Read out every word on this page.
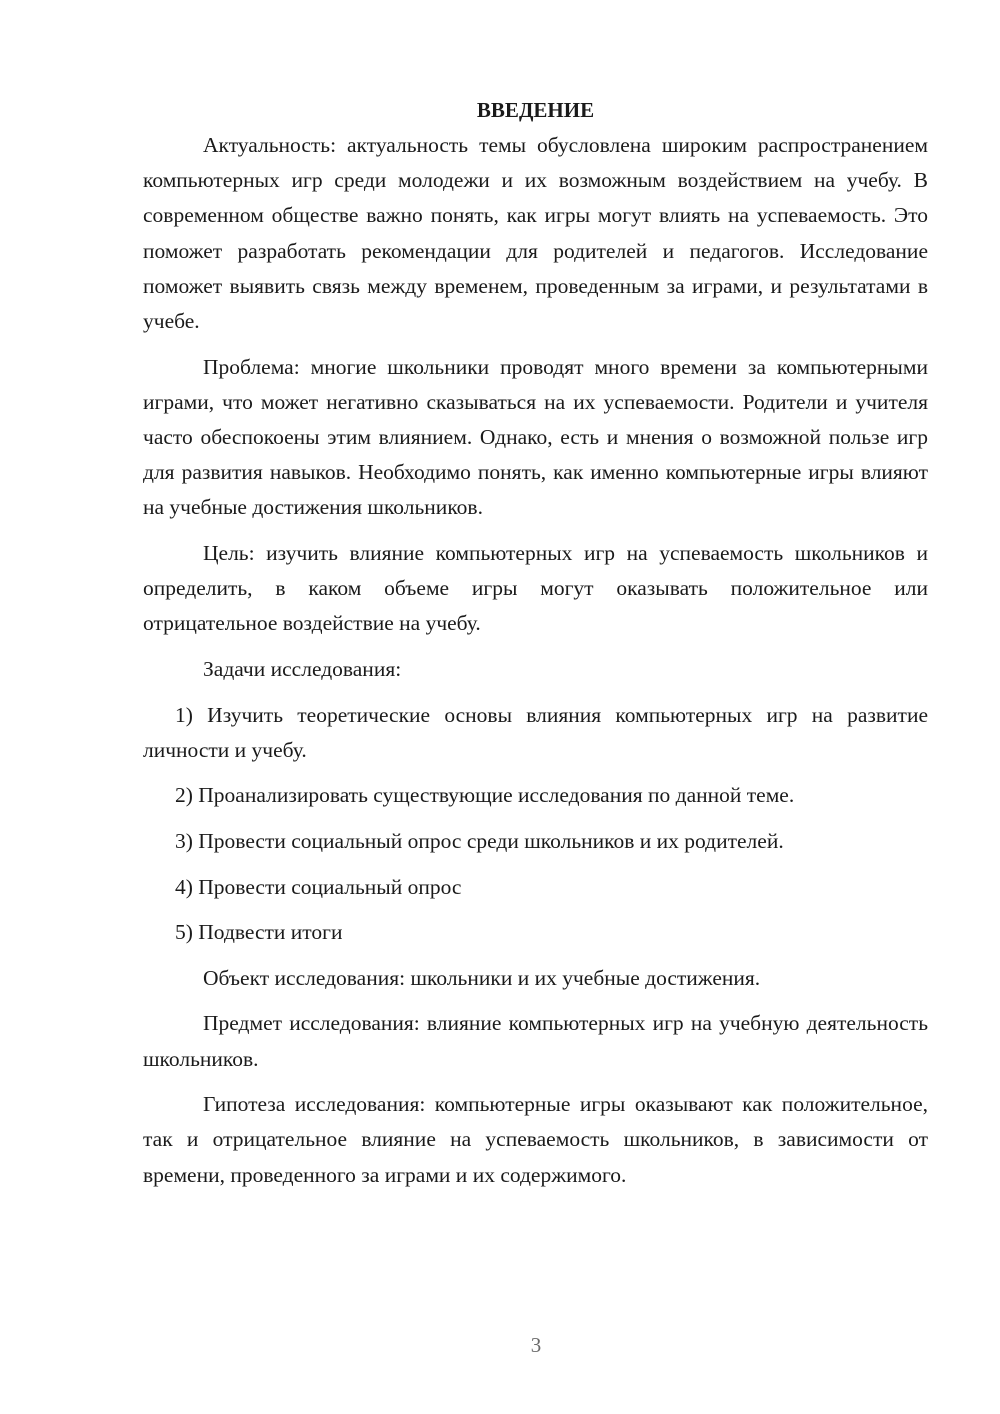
ВВЕДЕНИЕ

Актуальность: актуальность темы обусловлена широким распространением компьютерных игр среди молодежи и их возможным воздействием на учебу. В современном обществе важно понять, как игры могут влиять на успеваемость. Это поможет разработать рекомендации для родителей и педагогов. Исследование поможет выявить связь между временем, проведенным за играми, и результатами в учебе.

Проблема: многие школьники проводят много времени за компьютерными играми, что может негативно сказываться на их успеваемости. Родители и учителя часто обеспокоены этим влиянием. Однако, есть и мнения о возможной пользе игр для развития навыков. Необходимо понять, как именно компьютерные игры влияют на учебные достижения школьников.

Цель: изучить влияние компьютерных игр на успеваемость школьников и определить, в каком объеме игры могут оказывать положительное или отрицательное воздействие на учебу.

Задачи исследования:

1) Изучить теоретические основы влияния компьютерных игр на развитие личности и учебу.

2) Проанализировать существующие исследования по данной теме.

3) Провести социальный опрос среди школьников и их родителей.

4) Провести социальный опрос

5) Подвести итоги

Объект исследования: школьники и их учебные достижения.

Предмет исследования: влияние компьютерных игр на учебную деятельность школьников.

Гипотеза исследования: компьютерные игры оказывают как положительное, так и отрицательное влияние на успеваемость школьников, в зависимости от времени, проведенного за играми и их содержимого.

3
